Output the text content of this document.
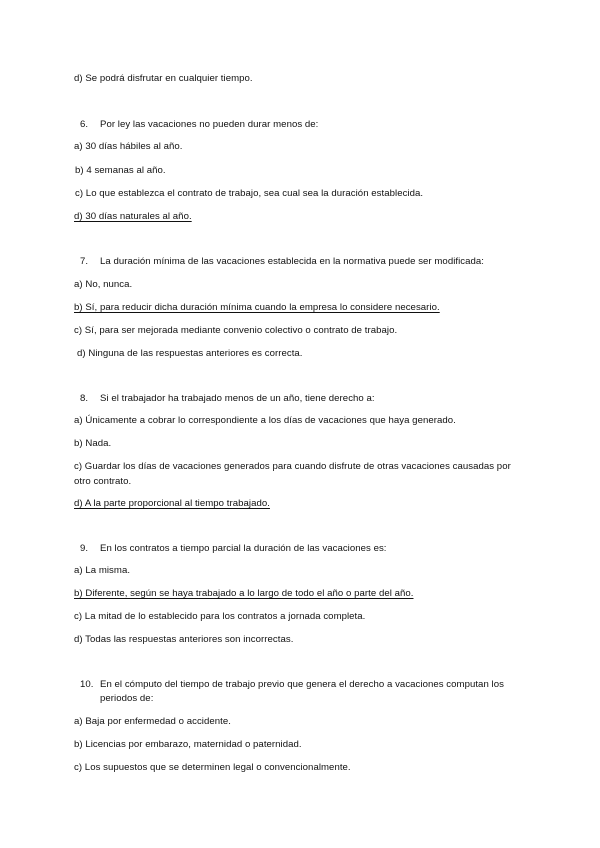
d) Se podrá disfrutar en cualquier tiempo.
6. Por ley las vacaciones no pueden durar menos de:
a) 30 días hábiles al año.
b) 4 semanas al año.
c) Lo que establezca el contrato de trabajo, sea cual sea la duración establecida.
d) 30 días naturales al año.
7. La duración mínima de las vacaciones establecida en la normativa puede ser modificada:
a) No, nunca.
b) Sí, para reducir dicha duración mínima cuando la empresa lo considere necesario.
c) Sí, para ser mejorada mediante convenio colectivo o contrato de trabajo.
d) Ninguna de las respuestas anteriores es correcta.
8. Si el trabajador ha trabajado menos de un año, tiene derecho a:
a) Únicamente a cobrar lo correspondiente a los días de vacaciones que haya generado.
b) Nada.
c) Guardar los días de vacaciones generados para cuando disfrute de otras vacaciones causadas por
otro contrato.
d) A la parte proporcional al tiempo trabajado.
9. En los contratos a tiempo parcial la duración de las vacaciones es:
a) La misma.
b) Diferente, según se haya trabajado a lo largo de todo el año o parte del año.
c) La mitad de lo establecido para los contratos a jornada completa.
d) Todas las respuestas anteriores son incorrectas.
10. En el cómputo del tiempo de trabajo previo que genera el derecho a vacaciones computan los
periodos de:
a) Baja por enfermedad o accidente.
b) Licencias por embarazo, maternidad o paternidad.
c) Los supuestos que se determinen legal o convencionalmente.
